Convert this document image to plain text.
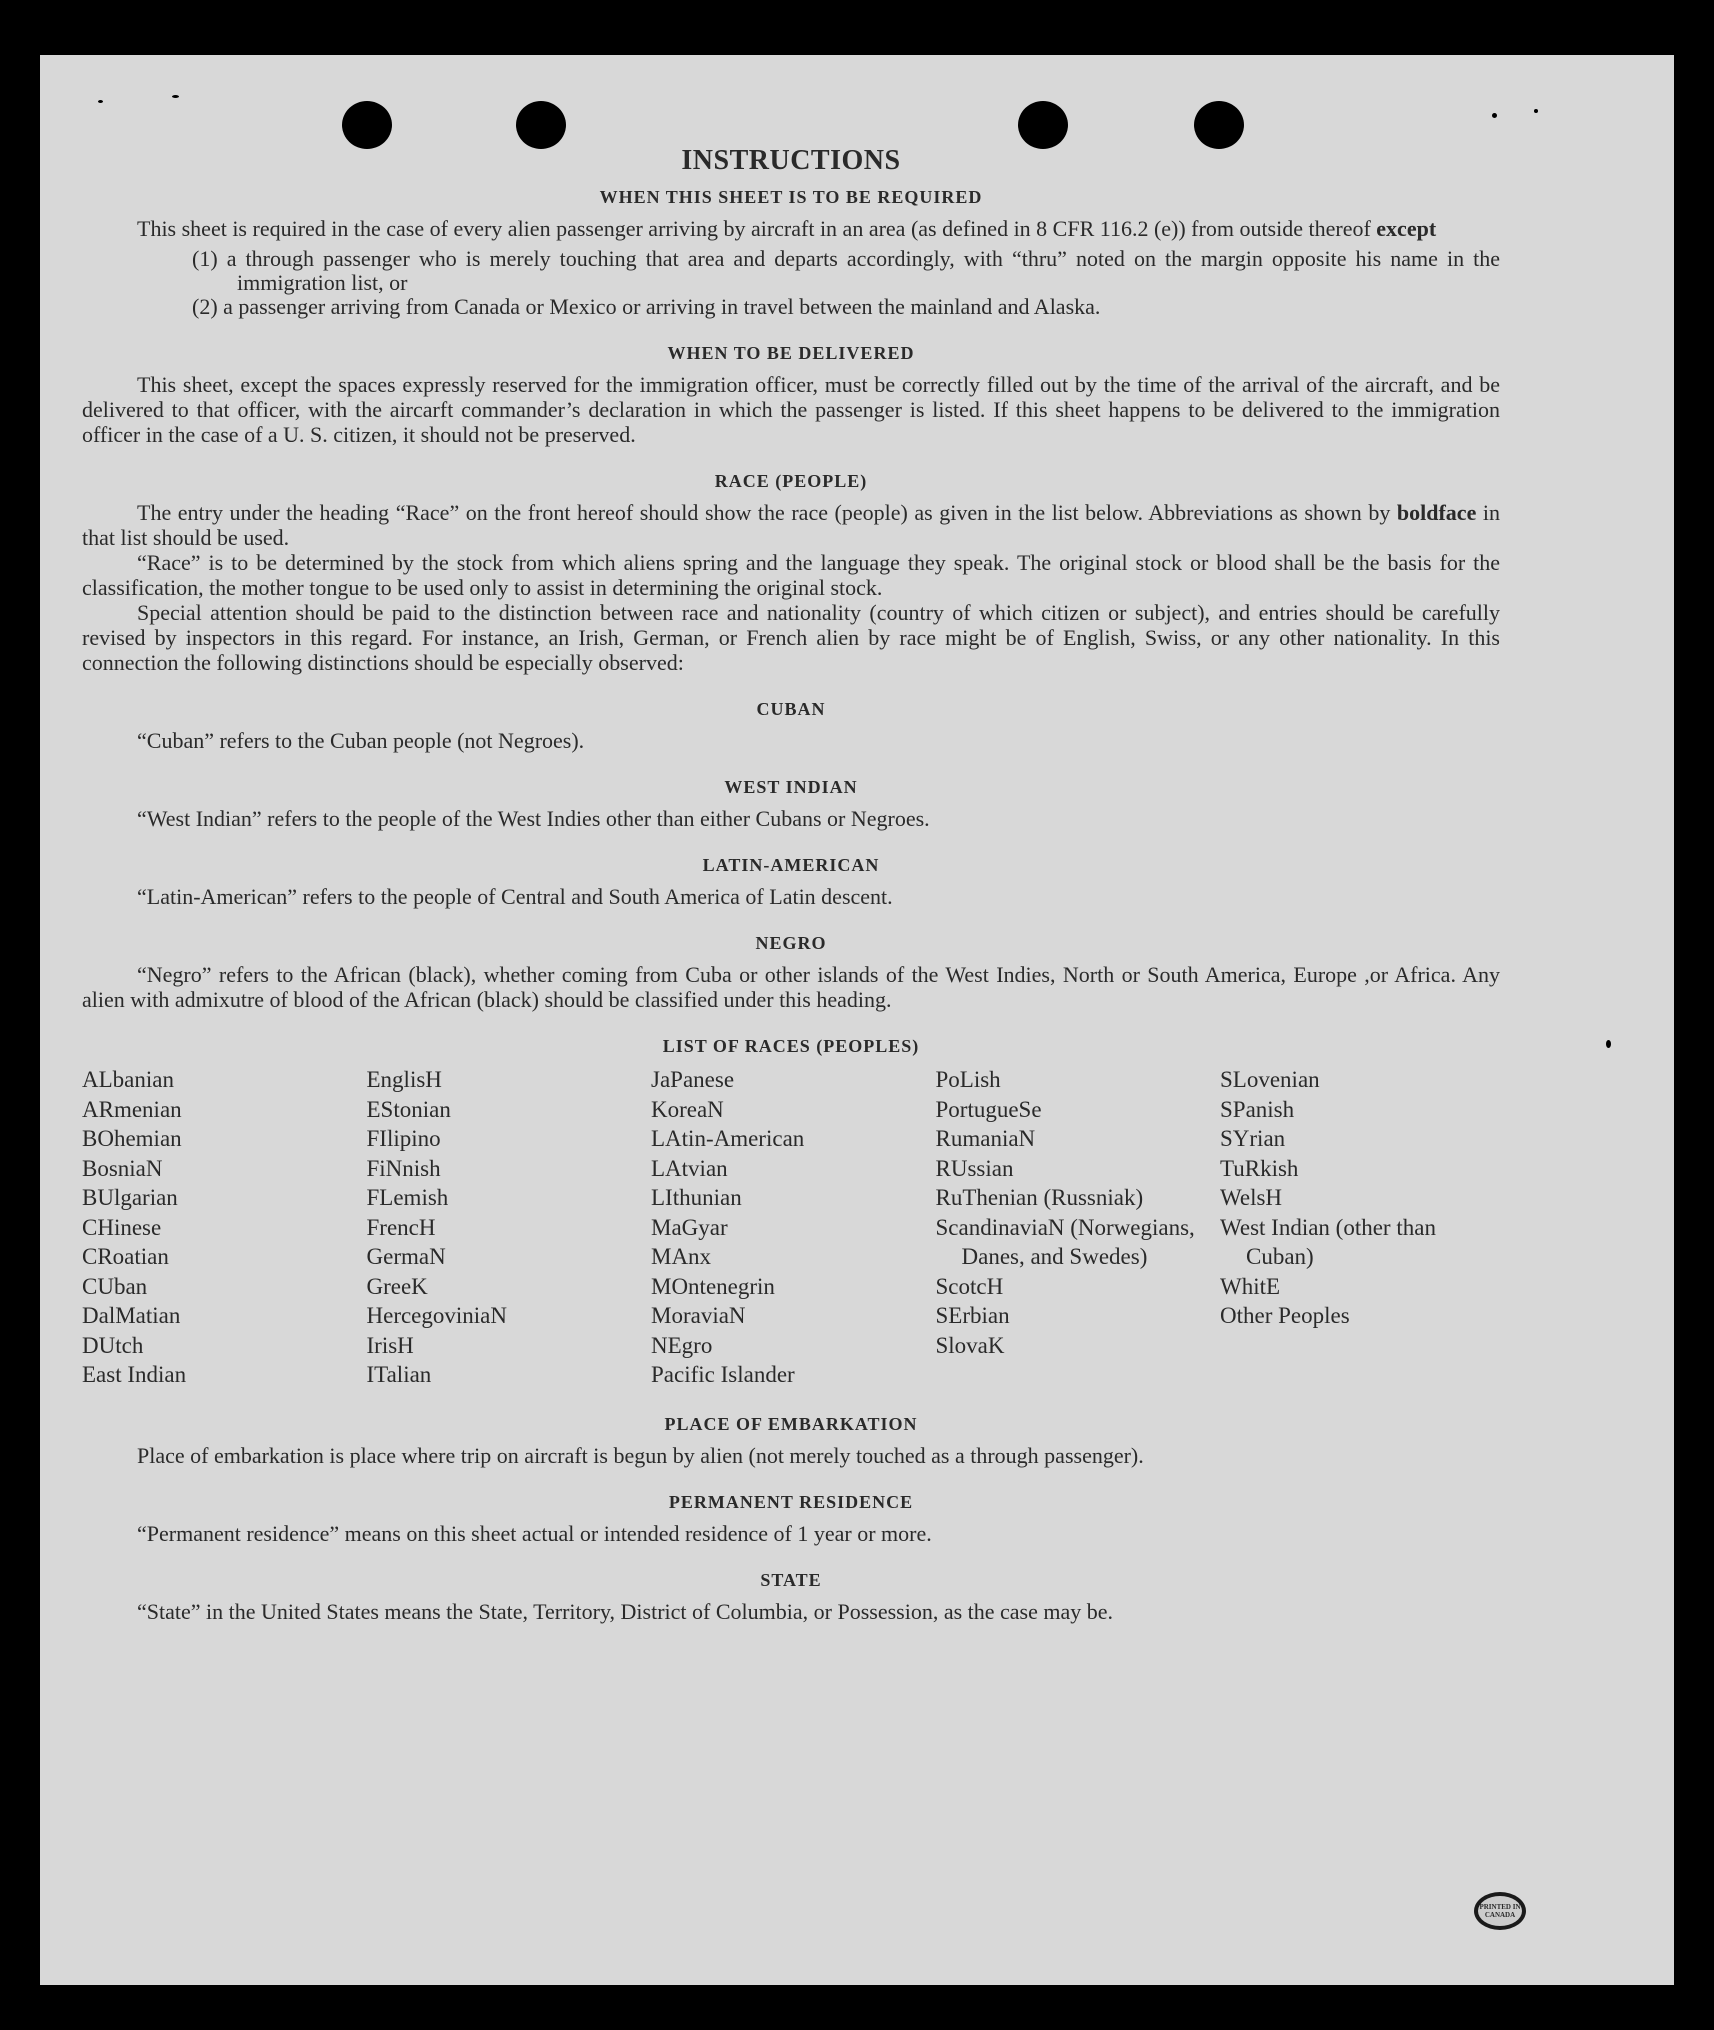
INSTRUCTIONS
WHEN THIS SHEET IS TO BE REQUIRED

This sheet is required in the case of every alien passenger arriving by aircraft in an area (as defined in 8 CFR 116.2 (e)) from outside thereof except

(1) a through passenger who is merely touching that area and departs accordingly, with “thru” noted on the margin opposite his name in the immigration list, or
(2) a passenger arriving from Canada or Mexico or arriving in travel between the mainland and Alaska.
WHEN TO BE DELIVERED

This sheet, except the spaces expressly reserved for the immigration officer, must be correctly filled out by the time of the arrival of the aircraft, and be delivered to that officer, with the aircarft commander’s declaration in which the passenger is listed. If this sheet happens to be delivered to the immigration officer in the case of a U. S. citizen, it should not be preserved.

RACE (PEOPLE)

The entry under the heading “Race” on the front hereof should show the race (people) as given in the list below. Abbreviations as shown by boldface in that list should be used.

“Race” is to be determined by the stock from which aliens spring and the language they speak. The original stock or blood shall be the basis for the classification, the mother tongue to be used only to assist in determining the original stock.

Special attention should be paid to the distinction between race and nationality (country of which citizen or subject), and entries should be carefully revised by inspectors in this regard. For instance, an Irish, German, or French alien by race might be of English, Swiss, or any other nationality. In this connection the following distinctions should be especially observed:

CUBAN

“Cuban” refers to the Cuban people (not Negroes).

WEST INDIAN

“West Indian” refers to the people of the West Indies other than either Cubans or Negroes.

LATIN-AMERICAN

“Latin-American” refers to the people of Central and South America of Latin descent.

NEGRO

“Negro” refers to the African (black), whether coming from Cuba or other islands of the West Indies, North or South America, Europe ,or Africa. Any alien with admixutre of blood of the African (black) should be classified under this heading.

LIST OF RACES (PEOPLES)
ALbanian
ARmenian
BOhemian
BosniaN
BUlgarian
CHinese
CRoatian
CUban
DalMatian
DUtch
East Indian
EnglisH
EStonian
FIlipino
FiNnish
FLemish
FrencH
GermaN
GreeK
HercegoviniaN
IrisH
ITalian
JaPanese
KoreaN
LAtin-American
LAtvian
LIthunian
MaGyar
MAnx
MOntenegrin
MoraviaN
NEgro
Pacific Islander
PoLish
PortugueSe
RumaniaN
RUssian
RuThenian (Russniak)
ScandinaviaN (Norwegians, Danes, and Swedes)
ScotcH
SErbian
SlovaK
SLovenian
SPanish
SYrian
TuRkish
WelsH
West Indian (other than Cuban)
WhitE
Other Peoples
PLACE OF EMBARKATION

Place of embarkation is place where trip on aircraft is begun by alien (not merely touched as a through passenger).

PERMANENT RESIDENCE

“Permanent residence” means on this sheet actual or intended residence of 1 year or more.

STATE

“State” in the United States means the State, Territory, District of Columbia, or Possession, as the case may be.

PRINTED IN CANADA
